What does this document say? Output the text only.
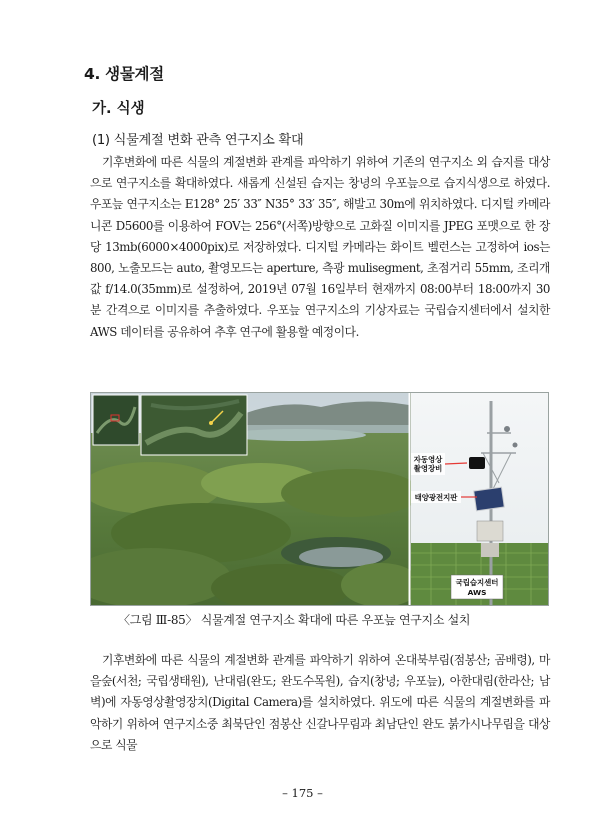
4. 생물계절
가. 식생
(1) 식물계절 변화 관측 연구지소 확대
기후변화에 따른 식물의 계절변화 관계를 파악하기 위하여 기존의 연구지소 외 습지를 대상으로 연구지소를 확대하였다. 새롭게 신설된 습지는 창녕의 우포늪으로 습지식생으로 하였다. 우포늪 연구지소는 E128° 25′ 33″ N35° 33′ 35″, 해발고 30m에 위치하였다. 디지털 카메라 니콘 D5600를 이용하여 FOV는 256°(서쪽)방향으로 고화질 이미지를 JPEG 포맷으로 한 장당 13mb(6000×4000pix)로 저장하였다. 디지털 카메라는 화이트 벨런스는 고정하여 ios는 800, 노출모드는 auto, 촬영모드는 aperture, 측광 mulisegment, 초점거리 55mm, 조리개값 f/14.0(35mm)로 설정하여, 2019년 07월 16일부터 현재까지 08:00부터 18:00까지 30분 간격으로 이미지를 추출하였다. 우포늪 연구지소의 기상자료는 국립습지센터에서 설치한 AWS 데이터를 공유하여 추후 연구에 활용할 예정이다.
자동영상
촬영장비
태양광전지판
국립습지센터
AWS
〈그림 Ⅲ-85〉 식물계절 연구지소 확대에 따른 우포늪 연구지소 설치
기후변화에 따른 식물의 계절변화 관계를 파악하기 위하여 온대북부림(점봉산; 곰배령), 마을숲(서천; 국립생태원), 난대림(완도; 완도수목원), 습지(창녕; 우포늪), 아한대림(한라산; 남벽)에 자동영상촬영장치(Digital Camera)를 설치하였다. 위도에 따른 식물의 계절변화를 파악하기 위하여 연구지소중 최북단인 점봉산 신갈나무림과 최남단인 완도 붉가시나무림을 대상으로 식물
– 175 –
